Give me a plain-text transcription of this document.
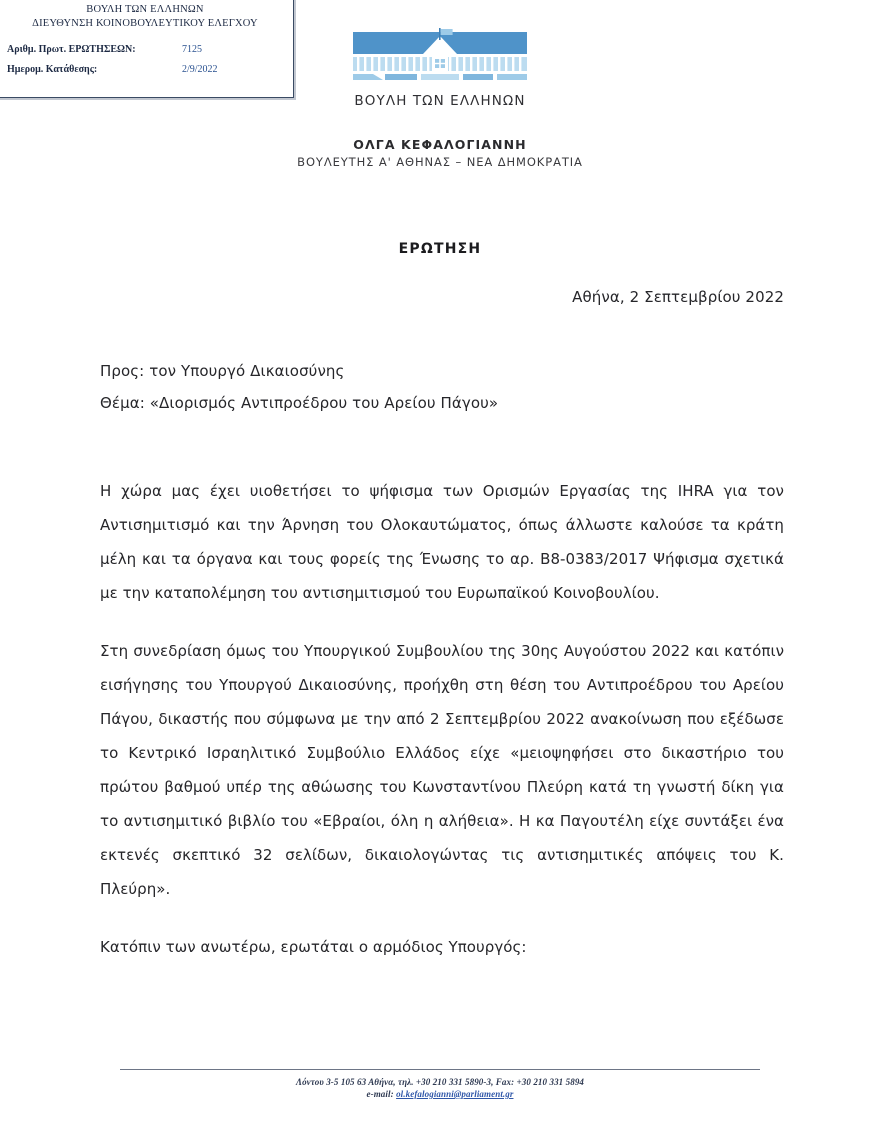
ΒΟΥΛΗ ΤΩΝ ΕΛΛΗΝΩΝ
ΔΙΕΥΘΥΝΣΗ ΚΟΙΝΟΒΟΥΛΕΥΤΙΚΟΥ ΕΛΕΓΧΟΥ
Αριθμ. Πρωτ. ΕΡΩΤΗΣΕΩΝ:	7125
Ημερομ. Κατάθεσης:	2/9/2022
ΒΟΥΛΗ ΤΩΝ ΕΛΛΗΝΩΝ
ΟΛΓΑ ΚΕΦΑΛΟΓΙΑΝΝΗ
ΒΟΥΛΕΥΤΗΣ Α' ΑΘΗΝΑΣ – ΝΕΑ ΔΗΜΟΚΡΑΤΙΑ
ΕΡΩΤΗΣΗ
Αθήνα, 2 Σεπτεμβρίου 2022
Προς: τον Υπουργό Δικαιοσύνης
Θέμα: «Διορισμός Αντιπροέδρου του Αρείου Πάγου»

Η χώρα μας έχει υιοθετήσει το ψήφισμα των Ορισμών Εργασίας της IHRA για τον Αντισημιτισμό και την Άρνηση του Ολοκαυτώματος, όπως άλλωστε καλούσε τα κράτη μέλη και τα όργανα και τους φορείς της Ένωσης το αρ. B8-0383/2017 Ψήφισμα σχετικά με την καταπολέμηση του αντισημιτισμού του Ευρωπαϊκού Κοινοβουλίου.

Στη συνεδρίαση όμως του Υπουργικού Συμβουλίου της 30ης Αυγούστου 2022 και κατόπιν εισήγησης του Υπουργού Δικαιοσύνης, προήχθη στη θέση του Αντιπροέδρου του Αρείου Πάγου, δικαστής που σύμφωνα με την από 2 Σεπτεμβρίου 2022 ανακοίνωση που εξέδωσε το Κεντρικό Ισραηλιτικό Συμβούλιο Ελλάδος είχε «μειοψηφήσει στο δικαστήριο του πρώτου βαθμού υπέρ της αθώωσης του Κωνσταντίνου Πλεύρη κατά τη γνωστή δίκη για το αντισημιτικό βιβλίο του «Εβραίοι, όλη η αλήθεια». Η κα Παγουτέλη είχε συντάξει ένα εκτενές σκεπτικό 32 σελίδων, δικαιολογώντας τις αντισημιτικές απόψεις του Κ. Πλεύρη».

Κατόπιν των ανωτέρω, ερωτάται ο αρμόδιος Υπουργός:

Λόντου 3-5 105 63 Αθήνα, τηλ. +30 210 331 5890-3, Fax: +30 210 331 5894
e-mail: ol.kefalogianni@parliament.gr
